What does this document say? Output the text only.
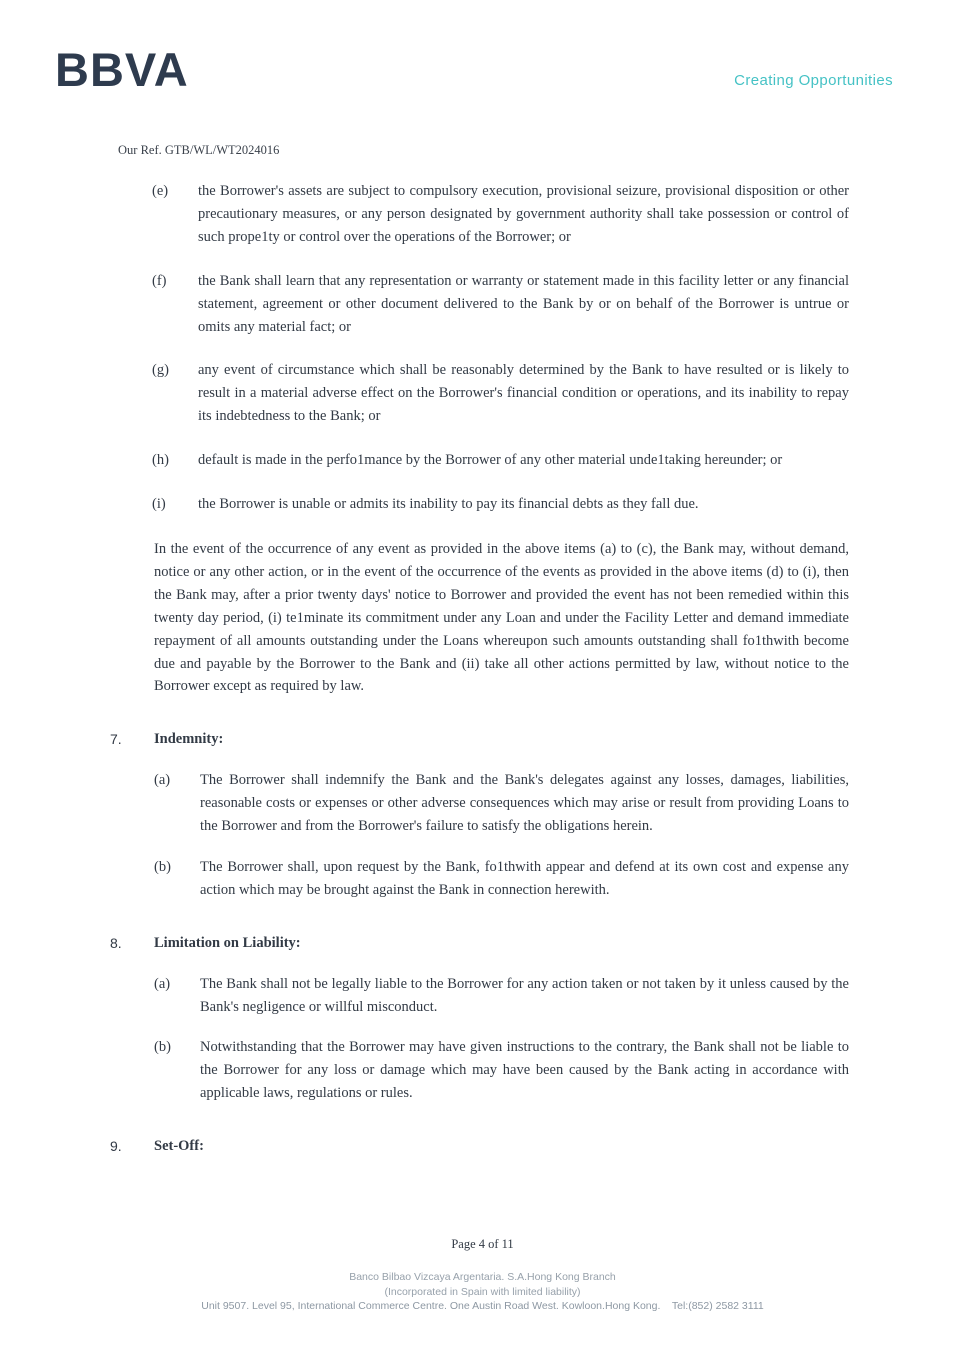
BBVA	Creating Opportunities
Our Ref. GTB/WL/WT2024016
(e)	the Borrower's assets are subject to compulsory execution, provisional seizure, provisional disposition or other precautionary measures, or any person designated by government authority shall take possession or control of such prope1ty or control over the operations of the Borrower; or
(f)	the Bank shall learn that any representation or warranty or statement made in this facility letter or any financial statement, agreement or other document delivered to the Bank by or on behalf of the Borrower is untrue or omits any material fact; or
(g)	any event of circumstance which shall be reasonably determined by the Bank to have resulted or is likely to result in a material adverse effect on the Borrower's financial condition or operations, and its inability to repay its indebtedness to the Bank; or
(h)	default is made in the perfo1mance by the Borrower of any other material unde1taking hereunder; or
(i)	the Borrower is unable or admits its inability to pay its financial debts as they fall due.

In the event of the occurrence of any event as provided in the above items (a) to (c), the Bank may, without demand, notice or any other action, or in the event of the occurrence of the events as provided in the above items (d) to (i), then the Bank may, after a prior twenty days' notice to Borrower and provided the event has not been remedied within this twenty day period, (i) te1minate its commitment under any Loan and under the Facility Letter and demand immediate repayment of all amounts outstanding under the Loans whereupon such amounts outstanding shall fo1thwith become due and payable by the Borrower to the Bank and (ii) take all other actions permitted by law, without notice to the Borrower except as required by law.

7.	Indemnity:
(a)	The Borrower shall indemnify the Bank and the Bank's delegates against any losses, damages, liabilities, reasonable costs or expenses or other adverse consequences which may arise or result from providing Loans to the Borrower and from the Borrower's failure to satisfy the obligations herein.
(b)	The Borrower shall, upon request by the Bank, fo1thwith appear and defend at its own cost and expense any action which may be brought against the Bank in connection herewith.
8.	Limitation on Liability:
(a)	The Bank shall not be legally liable to the Borrower for any action taken or not taken by it unless caused by the Bank's negligence or willful misconduct.
(b)	Notwithstanding that the Borrower may have given instructions to the contrary, the Bank shall not be liable to the Borrower for any loss or damage which may have been caused by the Bank acting in accordance with applicable laws, regulations or rules.
9.	Set-Off:
Page 4 of 11
Banco Bilbao Vizcaya Argentaria. S.A.Hong Kong Branch
(Incorporated in Spain with limited liability)
Unit 9507. Level 95, International Commerce Centre. One Austin Road West. Kowloon.Hong Kong.    Tel:(852) 2582 3111
